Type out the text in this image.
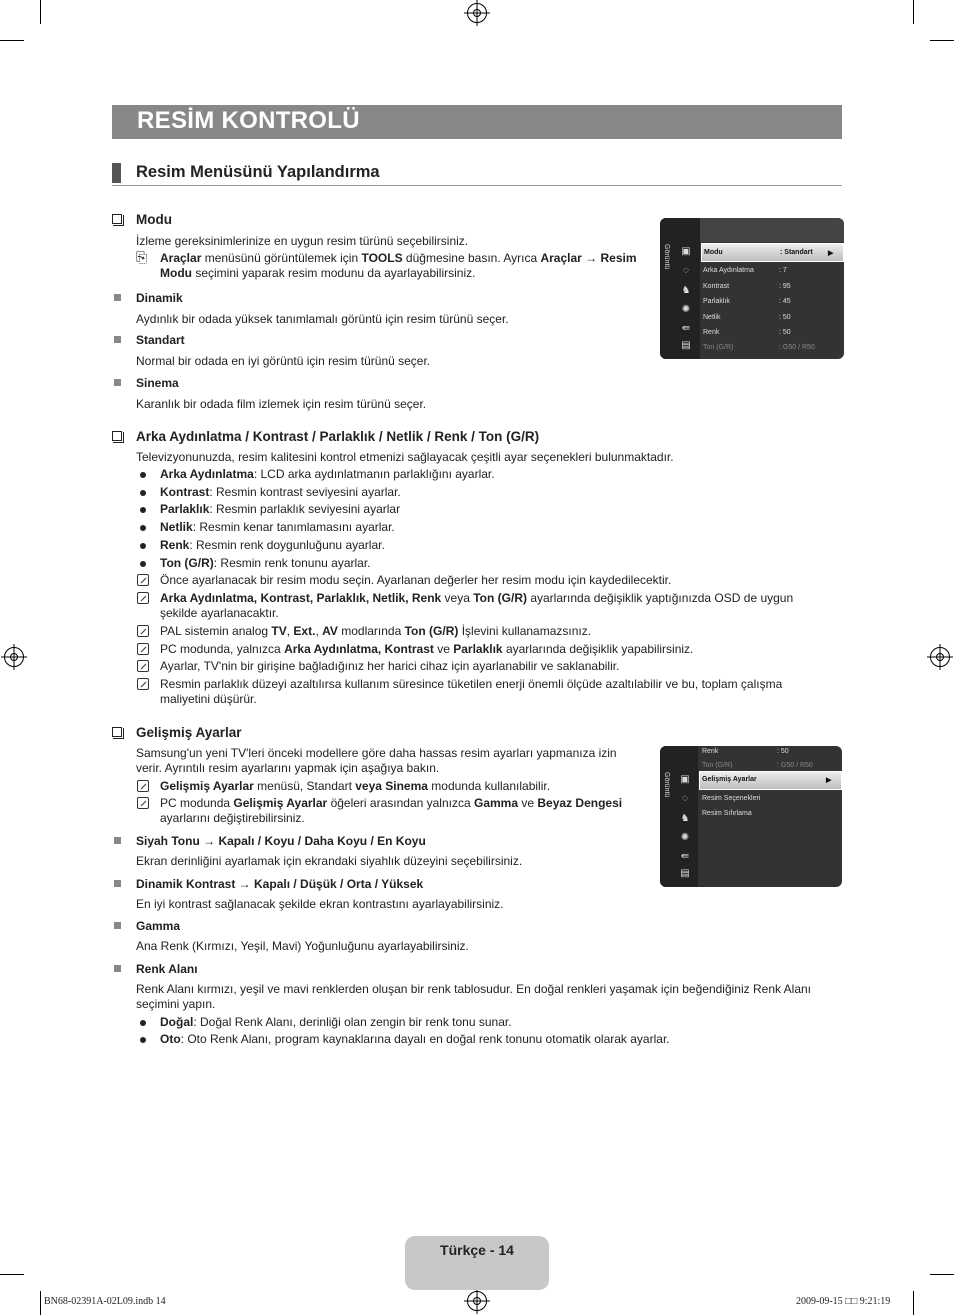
RESİM KONTROLÜ
Resim Menüsünü Yapılandırma
Modu
İzleme gereksinimlerinize en uygun resim türünü seçebilirsiniz.
⎘ Araçlar menüsünü görüntülemek için TOOLS düğmesine basın. Ayrıca Araçlar → Resim
Modu seçimini yaparak resim modunu da ayarlayabilirsiniz.
Dinamik
Aydınlık bir odada yüksek tanımlamalı görüntü için resim türünü seçer.
Standart
Normal bir odada en iyi görüntü için resim türünü seçer.
Sinema
Karanlık bir odada film izlemek için resim türünü seçer.
Görüntü ▣
◌
♞
✺
⇚
▤
Modu	: Standart ▶
Arka Aydınlatma	: 7
Kontrast	: 95
Parlaklık	: 45
Netlik	: 50
Renk	: 50
Ton (G/R)	: G50 / R50
Arka Aydınlatma / Kontrast / Parlaklık / Netlik / Renk / Ton (G/R)
Televizyonunuzda, resim kalitesini kontrol etmenizi sağlayacak çeşitli ayar seçenekleri bulunmaktadır.
Arka Aydınlatma: LCD arka aydınlatmanın parlaklığını ayarlar.
Kontrast: Resmin kontrast seviyesini ayarlar.
Parlaklık: Resmin parlaklık seviyesini ayarlar
Netlik: Resmin kenar tanımlamasını ayarlar.
Renk: Resmin renk doygunluğunu ayarlar.
Ton (G/R): Resmin renk tonunu ayarlar.
Önce ayarlanacak bir resim modu seçin. Ayarlanan değerler her resim modu için kaydedilecektir.
Arka Aydınlatma, Kontrast, Parlaklık, Netlik, Renk veya Ton (G/R) ayarlarında değişiklik yaptığınızda OSD de uygun
şekilde ayarlanacaktır.
PAL sistemin analog TV, Ext., AV modlarında Ton (G/R) İşlevini kullanamazsınız.
PC modunda, yalnızca Arka Aydınlatma, Kontrast ve Parlaklık ayarlarında değişiklik yapabilirsiniz.
Ayarlar, TV'nin bir girişine bağladığınız her harici cihaz için ayarlanabilir ve saklanabilir.
Resmin parlaklık düzeyi azaltılırsa kullanım süresince tüketilen enerji önemli ölçüde azaltılabilir ve bu, toplam çalışma
maliyetini düşürür.
Gelişmiş Ayarlar
Samsung'un yeni TV'leri önceki modellere göre daha hassas resim ayarları yapmanıza izin
verir. Ayrıntılı resim ayarlarını yapmak için aşağıya bakın.
Gelişmiş Ayarlar menüsü, Standart veya Sinema modunda kullanılabilir.
PC modunda Gelişmiş Ayarlar öğeleri arasından yalnızca Gamma ve Beyaz Dengesi
ayarlarını değiştirebilirsiniz.
Siyah Tonu → Kapalı / Koyu / Daha Koyu / En Koyu
Ekran derinliğini ayarlamak için ekrandaki siyahlık düzeyini seçebilirsiniz.
Dinamik Kontrast → Kapalı / Düşük / Orta / Yüksek
En iyi kontrast sağlanacak şekilde ekran kontrastını ayarlayabilirsiniz.
Gamma
Ana Renk (Kırmızı, Yeşil, Mavi) Yoğunluğunu ayarlayabilirsiniz.
Renk Alanı
Renk Alanı kırmızı, yeşil ve mavi renklerden oluşan bir renk tablosudur. En doğal renkleri yaşamak için beğendiğiniz Renk Alanı
seçimini yapın.
Doğal: Doğal Renk Alanı, derinliği olan zengin bir renk tonu sunar.
Oto: Oto Renk Alanı, program kaynaklarına dayalı en doğal renk tonunu otomatik olarak ayarlar.
Görüntü ▣
◌
♞
✺
⇚
▤
Renk	: 50
Ton (G/R)	: G50 / R50
Gelişmiş Ayarlar	▶
Resim Seçenekleri
Resim Sıfırlama
Türkçe - 14
BN68-02391A-02L09.indb 14	2009-09-15 □□ 9:21:19
